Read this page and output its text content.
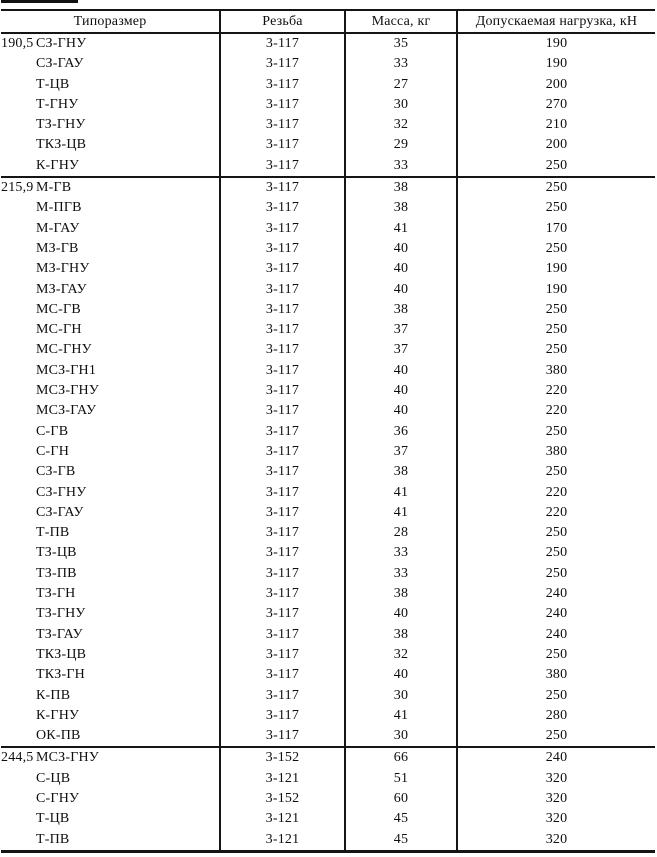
Типоразмер	Резьба	Масса, кг	Допускаемая нагрузка, кН
190,5 СЗ-ГНУ	3-117	35	190
СЗ-ГАУ	3-117	33	190
Т-ЦВ	3-117	27	200
Т-ГНУ	3-117	30	270
ТЗ-ГНУ	3-117	32	210
ТКЗ-ЦВ	3-117	29	200
К-ГНУ	3-117	33	250
215,9 М-ГВ	3-117	38	250
М-ПГВ	3-117	38	250
М-ГАУ	3-117	41	170
МЗ-ГВ	3-117	40	250
МЗ-ГНУ	3-117	40	190
МЗ-ГАУ	3-117	40	190
МС-ГВ	3-117	38	250
МС-ГН	3-117	37	250
МС-ГНУ	3-117	37	250
МСЗ-ГН1	3-117	40	380
МСЗ-ГНУ	3-117	40	220
МСЗ-ГАУ	3-117	40	220
С-ГВ	3-117	36	250
С-ГН	3-117	37	380
СЗ-ГВ	3-117	38	250
СЗ-ГНУ	3-117	41	220
СЗ-ГАУ	3-117	41	220
Т-ПВ	3-117	28	250
ТЗ-ЦВ	3-117	33	250
ТЗ-ПВ	3-117	33	250
ТЗ-ГН	3-117	38	240
ТЗ-ГНУ	3-117	40	240
ТЗ-ГАУ	3-117	38	240
ТКЗ-ЦВ	3-117	32	250
ТКЗ-ГН	3-117	40	380
К-ПВ	3-117	30	250
К-ГНУ	3-117	41	280
ОК-ПВ	3-117	30	250
244,5 МСЗ-ГНУ	3-152	66	240
С-ЦВ	3-121	51	320
С-ГНУ	3-152	60	320
Т-ЦВ	3-121	45	320
Т-ПВ	3-121	45	320
